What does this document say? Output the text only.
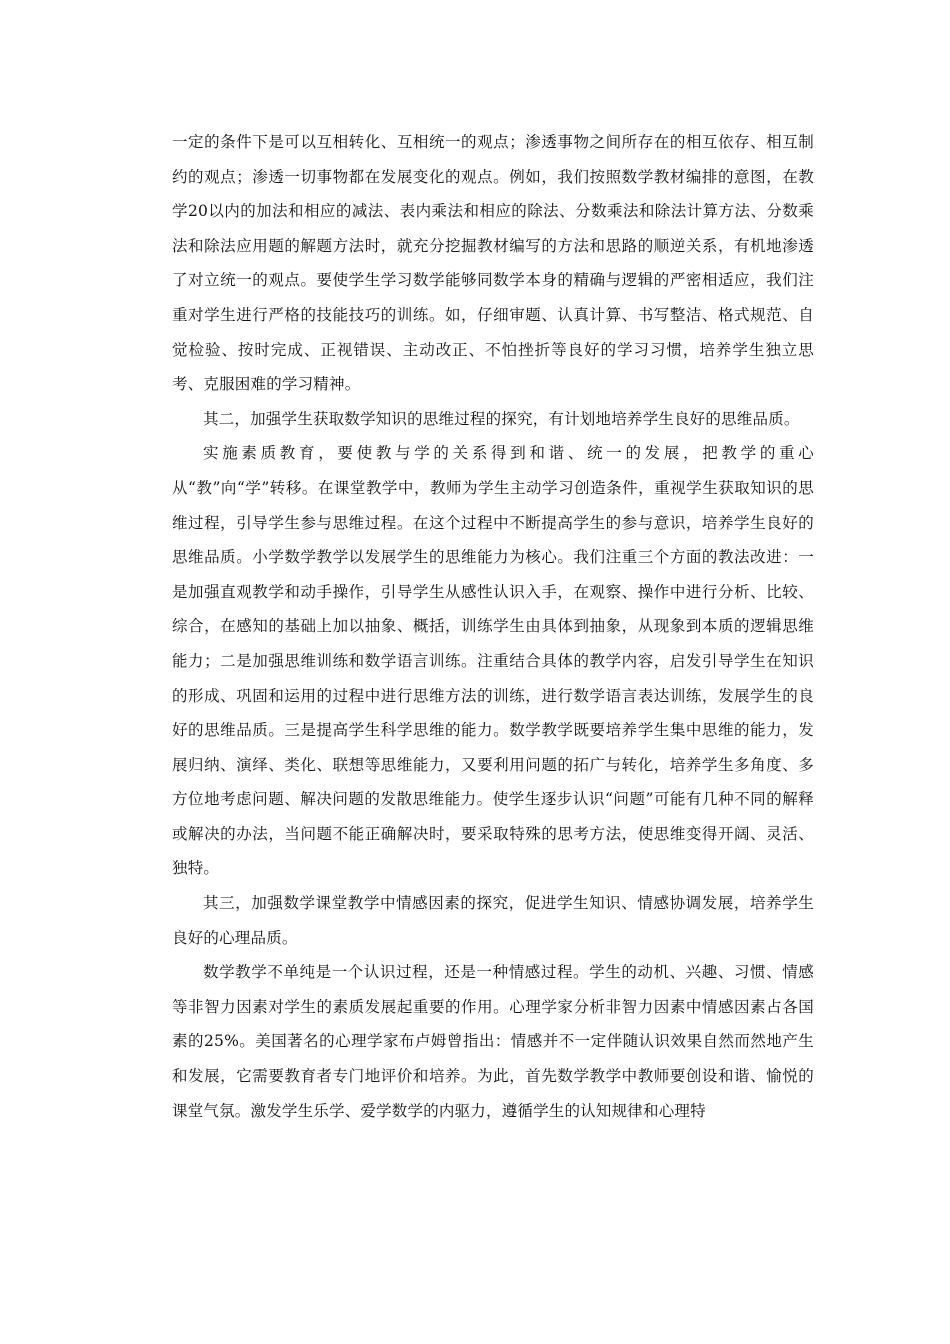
一定的条件下是可以互相转化、互相统一的观点；渗透事物之间所存在的相互依存、相互制约的观点；渗透一切事物都在发展变化的观点。例如，我们按照数学教材编排的意图，在教学20以内的加法和相应的减法、表内乘法和相应的除法、分数乘法和除法计算方法、分数乘法和除法应用题的解题方法时，就充分挖掘教材编写的方法和思路的顺逆关系，有机地渗透了对立统一的观点。要使学生学习数学能够同数学本身的精确与逻辑的严密相适应，我们注重对学生进行严格的技能技巧的训练。如，仔细审题、认真计算、书写整洁、格式规范、自觉检验、按时完成、正视错误、主动改正、不怕挫折等良好的学习习惯，培养学生独立思考、克服困难的学习精神。

其二，加强学生获取数学知识的思维过程的探究，有计划地培养学生良好的思维品质。

实施素质教育，要使教与学的关系得到和谐、统一的发展，把教学的重心从“教”向“学”转移。在课堂教学中，教师为学生主动学习创造条件，重视学生获取知识的思维过程，引导学生参与思维过程。在这个过程中不断提高学生的参与意识，培养学生良好的思维品质。小学数学教学以发展学生的思维能力为核心。我们注重三个方面的教法改进：一是加强直观教学和动手操作，引导学生从感性认识入手，在观察、操作中进行分析、比较、综合，在感知的基础上加以抽象、概括，训练学生由具体到抽象，从现象到本质的逻辑思维能力；二是加强思维训练和数学语言训练。注重结合具体的教学内容，启发引导学生在知识的形成、巩固和运用的过程中进行思维方法的训练，进行数学语言表达训练，发展学生的良好的思维品质。三是提高学生科学思维的能力。数学教学既要培养学生集中思维的能力，发展归纳、演绎、类化、联想等思维能力，又要利用问题的拓广与转化，培养学生多角度、多方位地考虑问题、解决问题的发散思维能力。使学生逐步认识“问题”可能有几种不同的解释或解决的办法，当问题不能正确解决时，要采取特殊的思考方法，使思维变得开阔、灵活、独特。

其三，加强数学课堂教学中情感因素的探究，促进学生知识、情感协调发展，培养学生良好的心理品质。

数学教学不单纯是一个认识过程，还是一种情感过程。学生的动机、兴趣、习惯、情感等非智力因素对学生的素质发展起重要的作用。心理学家分析非智力因素中情感因素占各国素的25%。美国著名的心理学家布卢姆曾指出：情感并不一定伴随认识效果自然而然地产生和发展，它需要教育者专门地评价和培养。为此，首先数学教学中教师要创设和谐、愉悦的课堂气氛。激发学生乐学、爱学数学的内驱力，遵循学生的认知规律和心理特
